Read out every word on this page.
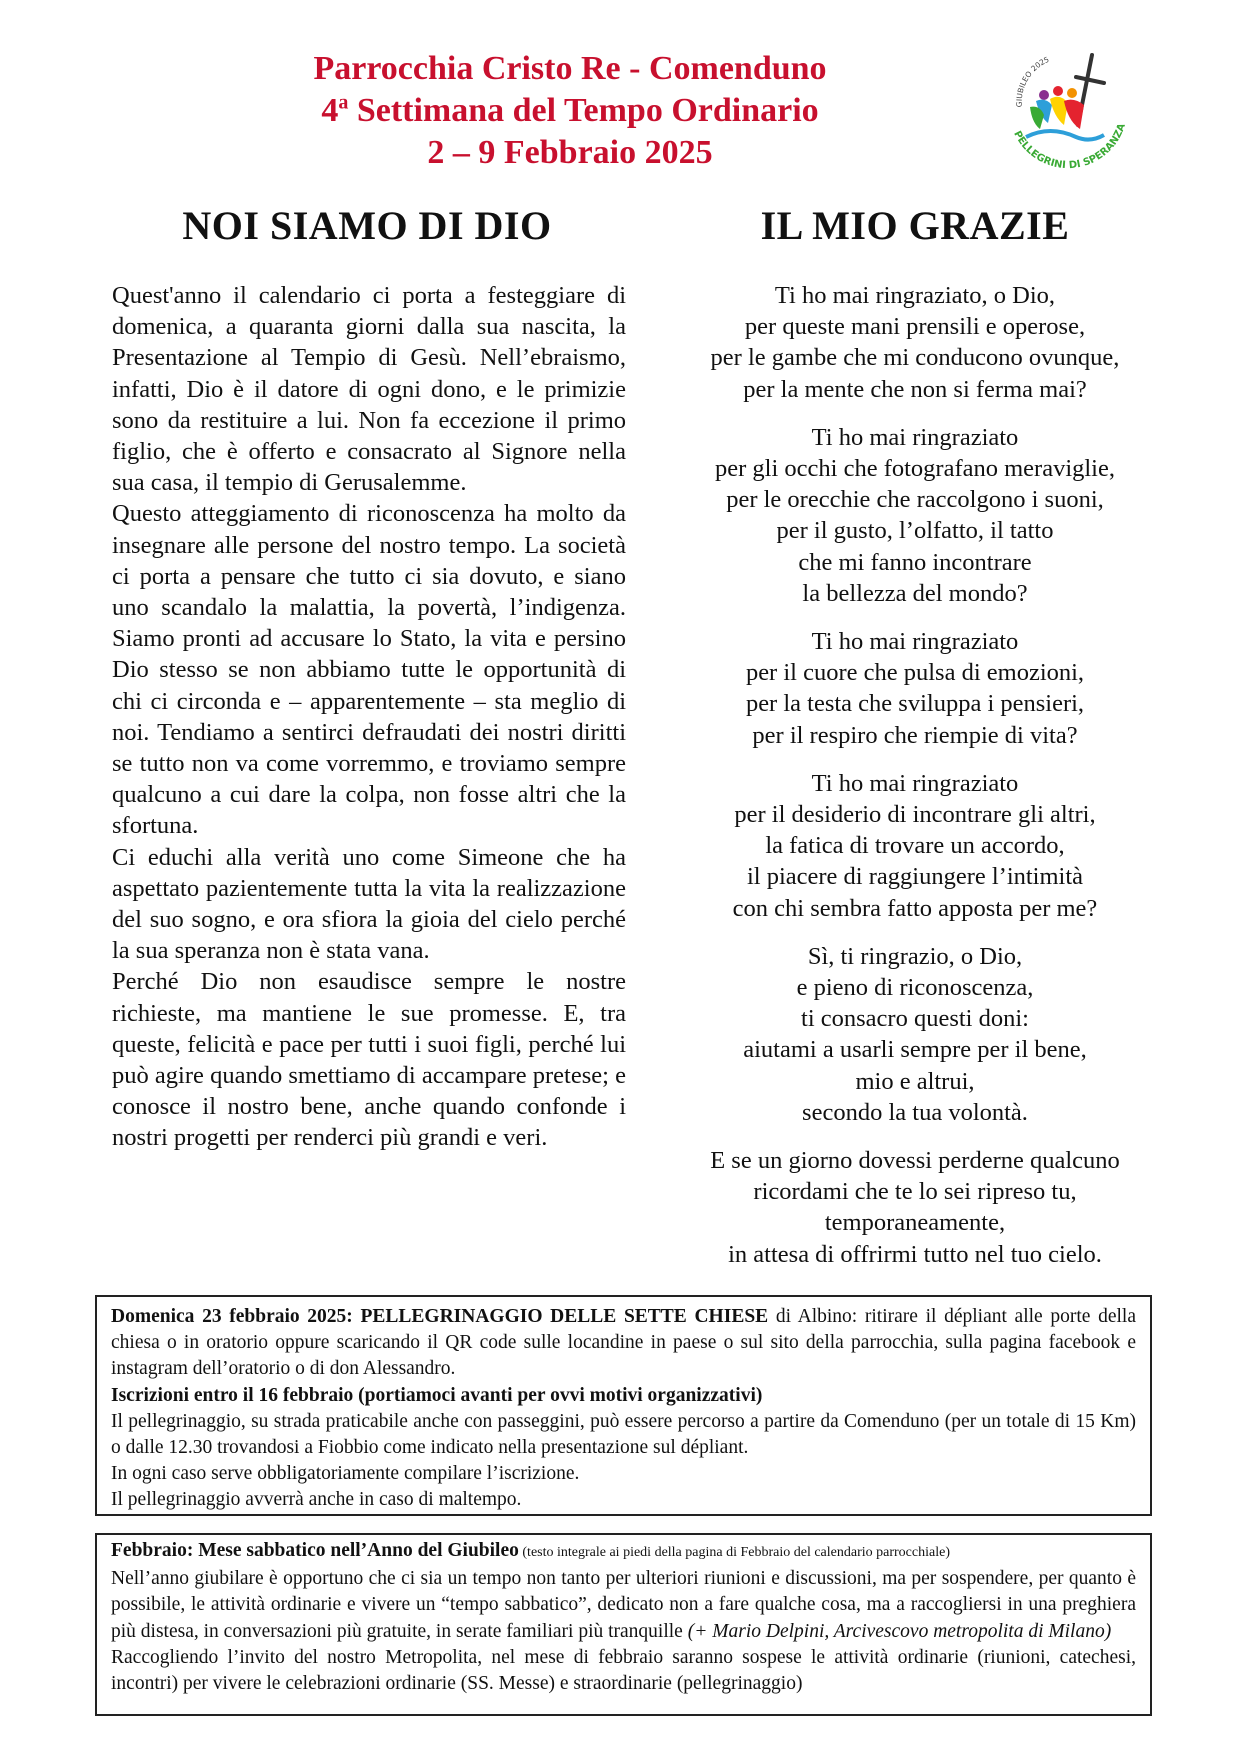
Parrocchia Cristo Re - Comenduno
4$^a$ Settimana del Tempo Ordinario
2 – 9 Febbraio 2025
GIUBILEO 2025
PELLEGRINI DI SPERANZA
NOI SIAMO DI DIO	IL MIO GRAZIE

Quest'anno il calendario ci porta a festeggiare di domenica, a quaranta giorni dalla sua nascita, la Presentazione al Tempio di Gesù. Nell’ebraismo, infatti, Dio è il datore di ogni dono, e le primizie sono da restituire a lui. Non fa eccezione il primo figlio, che è offerto e consacrato al Signore nella sua casa, il tempio di Gerusalemme.

Questo atteggiamento di riconoscenza ha molto da insegnare alle persone del nostro tempo. La società ci porta a pensare che tutto ci sia dovuto, e siano uno scandalo la malattia, la povertà, l’indigenza. Siamo pronti ad accusare lo Stato, la vita e persino Dio stesso se non abbiamo tutte le opportunità di chi ci circonda e – apparentemente – sta meglio di noi. Tendiamo a sentirci defraudati dei nostri diritti se tutto non va come vorremmo, e troviamo sempre qualcuno a cui dare la colpa, non fosse altri che la sfortuna.

Ci educhi alla verità uno come Simeone che ha aspettato pazientemente tutta la vita la realizzazione del suo sogno, e ora sfiora la gioia del cielo perché la sua speranza non è stata vana.

Perché Dio non esaudisce sempre le nostre richieste, ma mantiene le sue promesse. E, tra queste, felicità e pace per tutti i suoi figli, perché lui può agire quando smettiamo di accampare pretese; e conosce il nostro bene, anche quando confonde i nostri progetti per renderci più grandi e veri.

Ti ho mai ringraziato, o Dio,
per queste mani prensili e operose,
per le gambe che mi conducono ovunque,
per la mente che non si ferma mai?
Ti ho mai ringraziato
per gli occhi che fotografano meraviglie,
per le orecchie che raccolgono i suoni,
per il gusto, l’olfatto, il tatto
che mi fanno incontrare
la bellezza del mondo?
Ti ho mai ringraziato
per il cuore che pulsa di emozioni,
per la testa che sviluppa i pensieri,
per il respiro che riempie di vita?
Ti ho mai ringraziato
per il desiderio di incontrare gli altri,
la fatica di trovare un accordo,
il piacere di raggiungere l’intimità
con chi sembra fatto apposta per me?
Sì, ti ringrazio, o Dio,
e pieno di riconoscenza,
ti consacro questi doni:
aiutami a usarli sempre per il bene,
mio e altrui,
secondo la tua volontà.
E se un giorno dovessi perderne qualcuno
ricordami che te lo sei ripreso tu,
temporaneamente,
in attesa di offrirmi tutto nel tuo cielo.
Domenica 23 febbraio 2025: PELLEGRINAGGIO DELLE SETTE CHIESE di Albino: ritirare il dépliant alle porte della chiesa o in oratorio oppure scaricando il QR code sulle locandine in paese o sul sito della parrocchia, sulla pagina facebook e instagram dell’oratorio o di don Alessandro.
Iscrizioni entro il 16 febbraio (portiamoci avanti per ovvi motivi organizzativi)
Il pellegrinaggio, su strada praticabile anche con passeggini, può essere percorso a partire da Comenduno (per un totale di 15 Km) o dalle 12.30 trovandosi a Fiobbio come indicato nella presentazione sul dépliant.
In ogni caso serve obbligatoriamente compilare l’iscrizione.
Il pellegrinaggio avverrà anche in caso di maltempo.
Febbraio: Mese sabbatico nell’Anno del Giubileo (testo integrale ai piedi della pagina di Febbraio del calendario parrocchiale)
Nell’anno giubilare è opportuno che ci sia un tempo non tanto per ulteriori riunioni e discussioni, ma per sospendere, per quanto è possibile, le attività ordinarie e vivere un “tempo sabbatico”, dedicato non a fare qualche cosa, ma a raccogliersi in una preghiera più distesa, in conversazioni più gratuite, in serate familiari più tranquille (+ Mario Delpini, Arcivescovo metropolita di Milano)
Raccogliendo l’invito del nostro Metropolita, nel mese di febbraio saranno sospese le attività ordinarie (riunioni, catechesi, incontri) per vivere le celebrazioni ordinarie (SS. Messe) e straordinarie (pellegrinaggio)
